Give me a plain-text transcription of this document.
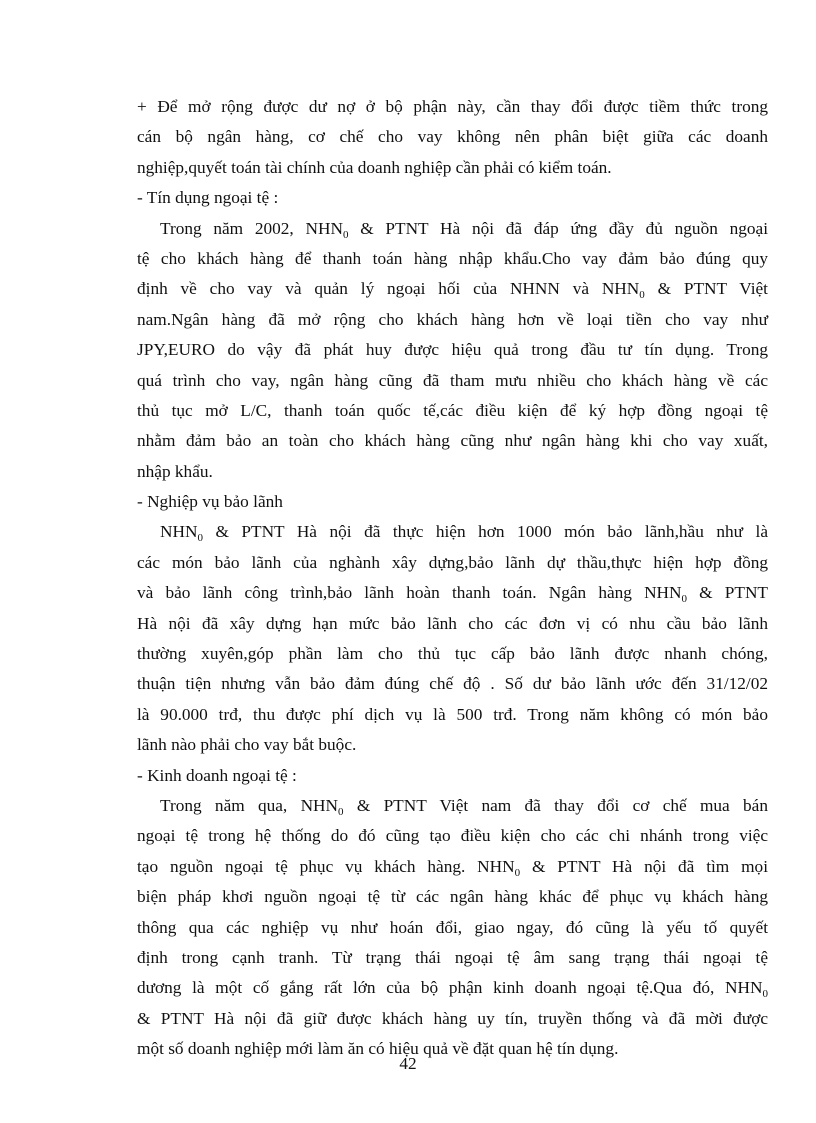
+ Để mở rộng được dư nợ ở bộ phận này, cần thay đổi được tiềm thức trong
cán bộ ngân hàng, cơ chế cho vay không nên phân biệt giữa các doanh
nghiệp,quyết toán tài chính của doanh nghiệp cần phải có kiểm toán.
- Tín dụng ngoại tệ :
Trong năm 2002, $NHN_0$ & PTNT Hà nội đã đáp ứng đầy đủ nguồn ngoại
tệ cho khách hàng để thanh toán hàng nhập khẩu.Cho vay đảm bảo đúng quy
định về cho vay và quản lý ngoại hối của NHNN và $NHN_0$ & PTNT Việt
nam.Ngân hàng đã mở rộng cho khách hàng hơn về loại tiền cho vay như
JPY,EURO do vậy đã phát huy được hiệu quả trong đầu tư tín dụng. Trong
quá trình cho vay, ngân hàng cũng đã tham mưu nhiều cho khách hàng về các
thủ tục mở L/C, thanh toán quốc tế,các điều kiện để ký hợp đồng ngoại tệ
nhằm đảm bảo an toàn cho khách hàng cũng như ngân hàng khi cho vay xuất,
nhập khẩu.
- Nghiệp vụ bảo lãnh
$NHN_0$ & PTNT Hà nội đã thực hiện hơn 1000 món bảo lãnh,hầu như là
các món bảo lãnh của nghành xây dựng,bảo lãnh dự thầu,thực hiện hợp đồng
và bảo lãnh công trình,bảo lãnh hoàn thanh toán. Ngân hàng $NHN_0$ & PTNT
Hà nội đã xây dựng hạn mức bảo lãnh cho các đơn vị có nhu cầu bảo lãnh
thường xuyên,góp phần làm cho thủ tục cấp bảo lãnh được nhanh chóng,
thuận tiện nhưng vẫn bảo đảm đúng chế độ . Số dư bảo lãnh ước đến 31/12/02
là 90.000 trđ, thu được phí dịch vụ là 500 trđ. Trong năm không có món bảo
lãnh nào phải cho vay bắt buộc.
- Kinh doanh ngoại tệ :
Trong năm qua, $NHN_0$ & PTNT Việt nam đã thay đổi cơ chế mua bán
ngoại tệ trong hệ thống do đó cũng tạo điều kiện cho các chi nhánh trong việc
tạo nguồn ngoại tệ phục vụ khách hàng. $NHN_0$ & PTNT Hà nội đã tìm mọi
biện pháp khơi nguồn ngoại tệ từ các ngân hàng khác để phục vụ khách hàng
thông qua các nghiệp vụ như hoán đổi, giao ngay, đó cũng là yếu tố quyết
định trong cạnh tranh. Từ trạng thái ngoại tệ âm sang trạng thái ngoại tệ
dương là một cố gắng rất lớn của bộ phận kinh doanh ngoại tệ.Qua đó, $NHN_0$
& PTNT Hà nội đã giữ được khách hàng uy tín, truyền thống và đã mời được
một số doanh nghiệp mới làm ăn có hiệu quả về đặt quan hệ tín dụng.
42
